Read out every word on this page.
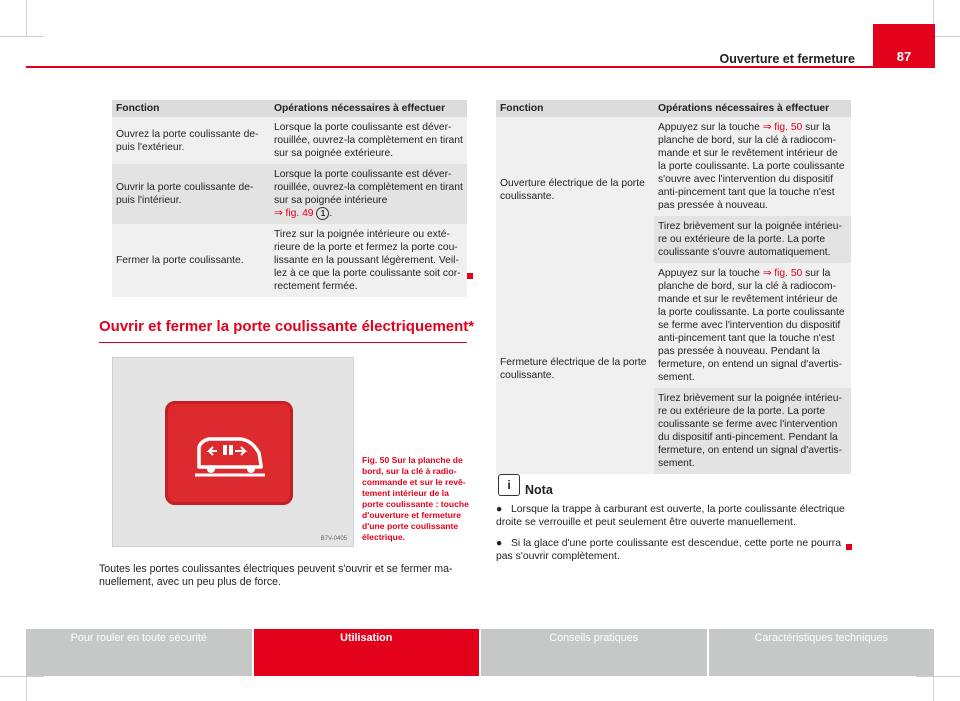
Ouverture et fermeture	87
Fonction	Opérations nécessaires à effectuer
Ouvrez la porte coulissante depuis l'extérieur.	Lorsque la porte coulissante est déverrouillée, ouvrez-la complètement en tirant sur sa poignée extérieure.
Ouvrir la porte coulissante depuis l'intérieur.	Lorsque la porte coulissante est déverrouillée, ouvrez-la complètement en tirant sur sa poignée intérieure
⇒ fig. 49 1 .
Fermer la porte coulissante.	Tirez sur la poignée intérieure ou extérieure de la porte et fermez la porte coulissante en la poussant légèrement. Veillez à ce que la porte coulissante soit correctement fermée.
Ouvrir et fermer la porte coulissante électriquement*
B7V-0405
Fig. 50 Sur la planche de bord, sur la clé à radiocommande et sur le revêtement intérieur de la porte coulissante : touche d'ouverture et fermeture d'une porte coulissante électrique.
Toutes les portes coulissantes électriques peuvent s'ouvrir et se fermer manuellement, avec un peu plus de force.
Fonction	Opérations nécessaires à effectuer
Ouverture électrique de la porte coulissante.	Appuyez sur la touche ⇒ fig. 50 sur la planche de bord, sur la clé à radiocommande et sur le revêtement intérieur de la porte coulissante. La porte coulissante s'ouvre avec l'intervention du dispositif anti-pincement tant que la touche n'est pas pressée à nouveau.
	Tirez brièvement sur la poignée intérieure ou extérieure de la porte. La porte coulissante s'ouvre automatiquement.
Fermeture électrique de la porte coulissante.	Appuyez sur la touche ⇒ fig. 50 sur la planche de bord, sur la clé à radiocommande et sur le revêtement intérieur de la porte coulissante. La porte coulissante se ferme avec l'intervention du dispositif anti-pincement tant que la touche n'est pas pressée à nouveau. Pendant la fermeture, on entend un signal d'avertissement.
	Tirez brièvement sur la poignée intérieure ou extérieure de la porte. La porte coulissante se ferme avec l'intervention du dispositif anti-pincement. Pendant la fermeture, on entend un signal d'avertissement.
i	Nota

●   Lorsque la trappe à carburant est ouverte, la porte coulissante électrique droite se verrouille et peut seulement être ouverte manuellement.

●   Si la glace d'une porte coulissante est descendue, cette porte ne pourra pas s'ouvrir complètement.

Pour rouler en toute sécurité	Utilisation	Conseils pratiques	Caractéristiques techniques
